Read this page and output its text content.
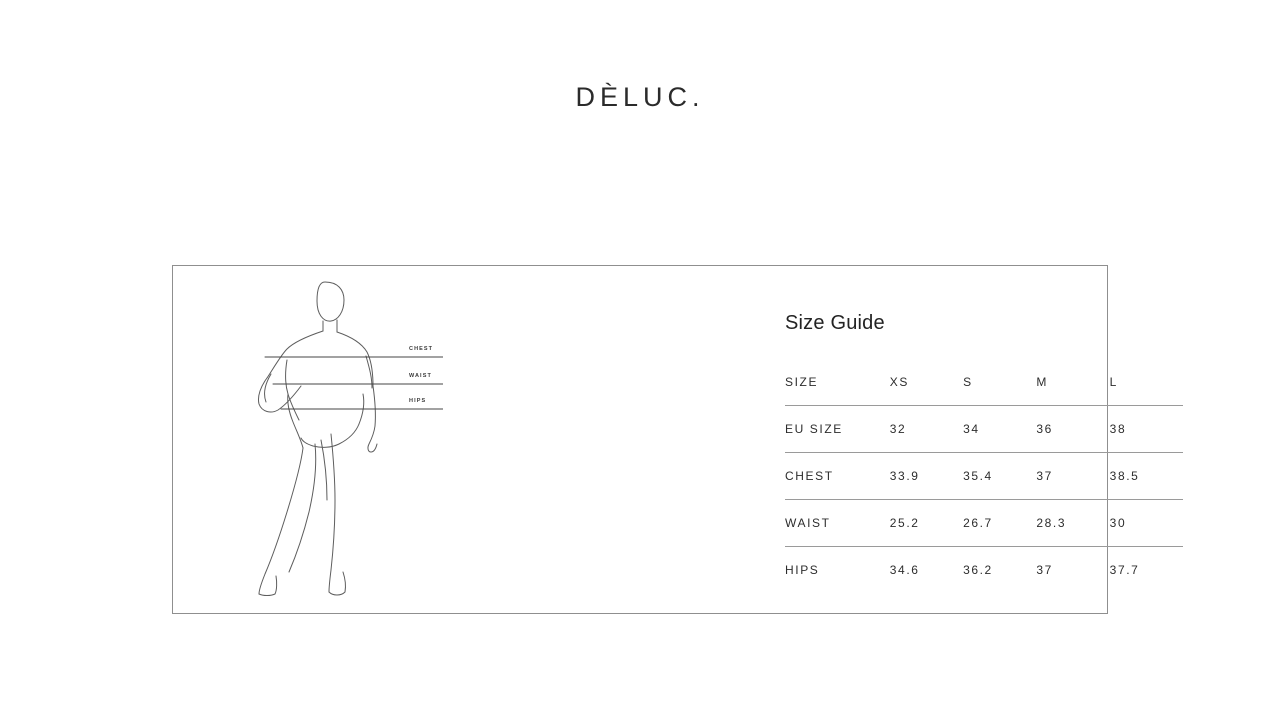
DÈLUC.
CHEST
WAIST
HIPS
Size Guide
SIZE	XS	S	M	L
EU SIZE	32	34	36	38
CHEST	33.9	35.4	37	38.5
WAIST	25.2	26.7	28.3	30
HIPS	34.6	36.2	37	37.7
